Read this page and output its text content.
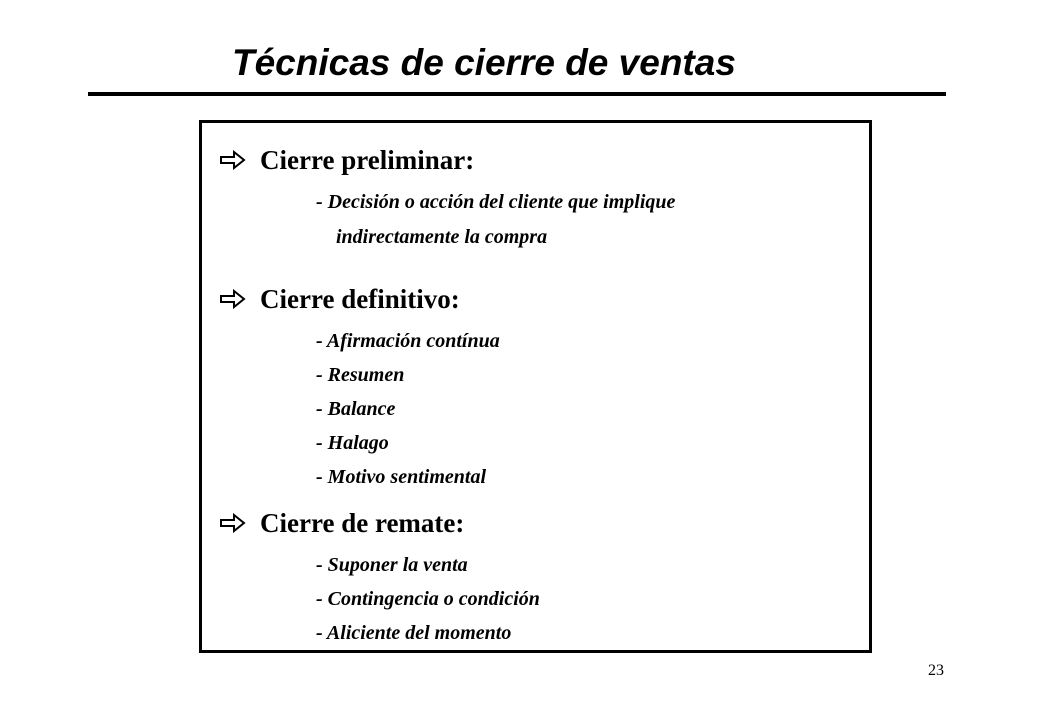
Técnicas de cierre de ventas
Cierre preliminar:
- Decisión o acción del cliente que implique
indirectamente la compra
Cierre definitivo:
- Afirmación contínua
- Resumen
- Balance
- Halago
- Motivo sentimental
Cierre de remate:
- Suponer la venta
- Contingencia o condición
- Aliciente del momento
23
